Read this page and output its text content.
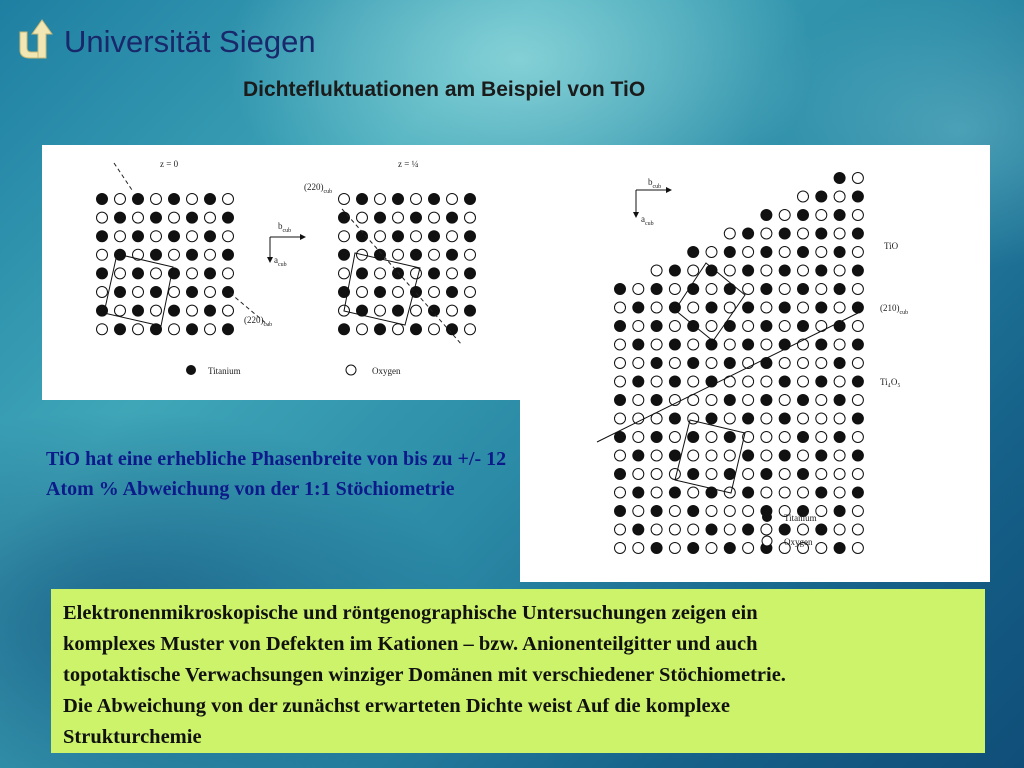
Universität Siegen
Dichtefluktuationen am Beispiel von TiO
z = 0	z = ¼
$(220)_{cub}$
$b_{cub}$
$a_{cub}$
$(220)_{cub}$
Titanium	Oxygen
$b_{cub}$
$a_{cub}$
TiO
$(210)_{cub}$
Ti₄O₅
Titanium
Oxygen

TiO hat eine erhebliche Phasenbreite von bis zu +/- 12 Atom % Abweichung von der 1:1 Stöchiometrie

Elektronenmikroskopische und röntgenographische Untersuchungen zeigen ein

komplexes Muster von Defekten im Kationen – bzw. Anionenteilgitter und auch

topotaktische Verwachsungen winziger Domänen mit verschiedener Stöchiometrie.

Die Abweichung von der zunächst erwarteten Dichte weist Auf die komplexe

Strukturchemie
